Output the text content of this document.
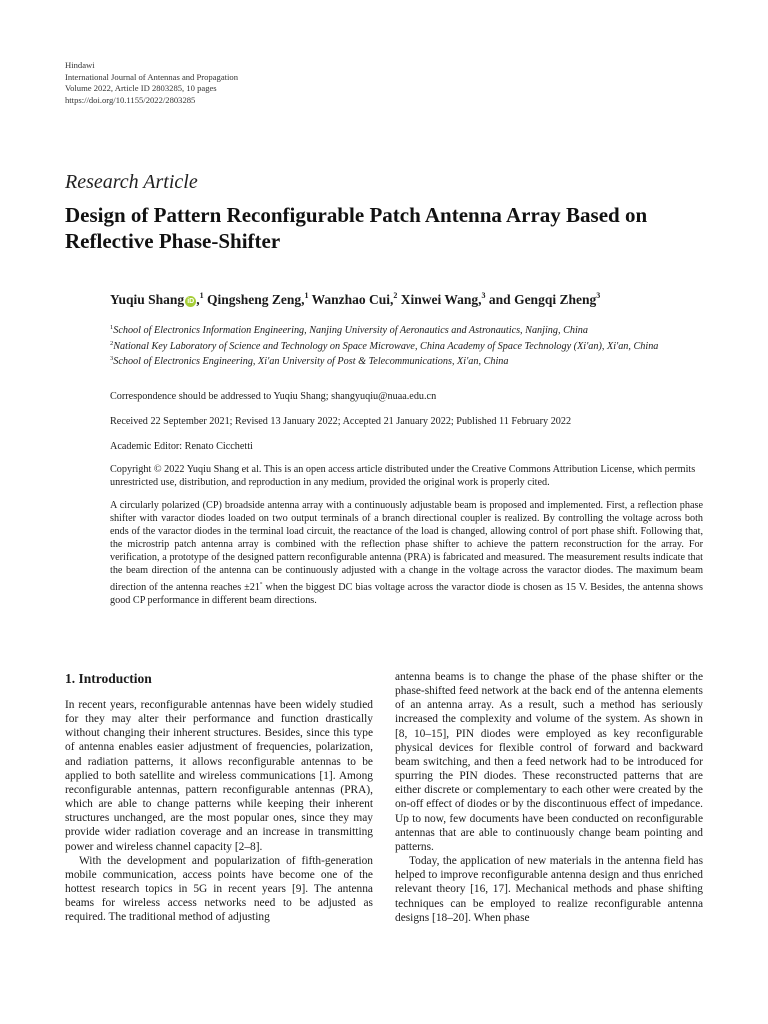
Hindawi
International Journal of Antennas and Propagation
Volume 2022, Article ID 2803285, 10 pages
https://doi.org/10.1155/2022/2803285
Research Article
Design of Pattern Reconfigurable Patch Antenna Array Based on Reflective Phase-Shifter
Yuqiu Shang iD ,$^1$ Qingsheng Zeng,$^1$ Wanzhao Cui,$^2$ Xinwei Wang,$^3$ and Gengqi Zheng$^3$
$^1$School of Electronics Information Engineering, Nanjing University of Aeronautics and Astronautics, Nanjing, China
$^2$National Key Laboratory of Science and Technology on Space Microwave, China Academy of Space Technology (Xi'an), Xi'an, China
$^3$School of Electronics Engineering, Xi'an University of Post & Telecommunications, Xi'an, China
Correspondence should be addressed to Yuqiu Shang; shangyuqiu@nuaa.edu.cn
Received 22 September 2021; Revised 13 January 2022; Accepted 21 January 2022; Published 11 February 2022
Academic Editor: Renato Cicchetti
Copyright © 2022 Yuqiu Shang et al. This is an open access article distributed under the Creative Commons Attribution License, which permits unrestricted use, distribution, and reproduction in any medium, provided the original work is properly cited.
A circularly polarized (CP) broadside antenna array with a continuously adjustable beam is proposed and implemented. First, a reflection phase shifter with varactor diodes loaded on two output terminals of a branch directional coupler is realized. By controlling the voltage across both ends of the varactor diodes in the terminal load circuit, the reactance of the load is changed, allowing control of port phase shift. Following that, the microstrip patch antenna array is combined with the reflection phase shifter to achieve the pattern reconstruction for the array. For verification, a prototype of the designed pattern reconfigurable antenna (PRA) is fabricated and measured. The measurement results indicate that the beam direction of the antenna can be continuously adjusted with a change in the voltage across the varactor diodes. The maximum beam direction of the antenna reaches ±21° when the biggest DC bias voltage across the varactor diode is chosen as 15 V. Besides, the antenna shows good CP performance in different beam directions.
1. Introduction

In recent years, reconfigurable antennas have been widely studied for they may alter their performance and function drastically without changing their inherent structures. Besides, since this type of antenna enables easier adjustment of frequencies, polarization, and radiation patterns, it allows reconfigurable antennas to be applied to both satellite and wireless communications [1]. Among reconfigurable antennas, pattern reconfigurable antennas (PRA), which are able to change patterns while keeping their inherent structures unchanged, are the most popular ones, since they may provide wider radiation coverage and an increase in transmitting power and wireless channel capacity [2–8].

With the development and popularization of fifth-generation mobile communication, access points have become one of the hottest research topics in 5G in recent years [9]. The antenna beams for wireless access networks need to be adjusted as required. The traditional method of adjusting

antenna beams is to change the phase of the phase shifter or the phase-shifted feed network at the back end of the antenna elements of an antenna array. As a result, such a method has seriously increased the complexity and volume of the system. As shown in [8, 10–15], PIN diodes were employed as key reconfigurable physical devices for flexible control of forward and backward beam switching, and then a feed network had to be introduced for spurring the PIN diodes. These reconstructed patterns that are either discrete or complementary to each other were created by the on-off effect of diodes or by the discontinuous effect of impedance. Up to now, few documents have been conducted on reconfigurable antennas that are able to continuously change beam pointing and patterns.

Today, the application of new materials in the antenna field has helped to improve reconfigurable antenna design and thus enriched relevant theory [16, 17]. Mechanical methods and phase shifting techniques can be employed to realize reconfigurable antenna designs [18–20]. When phase
